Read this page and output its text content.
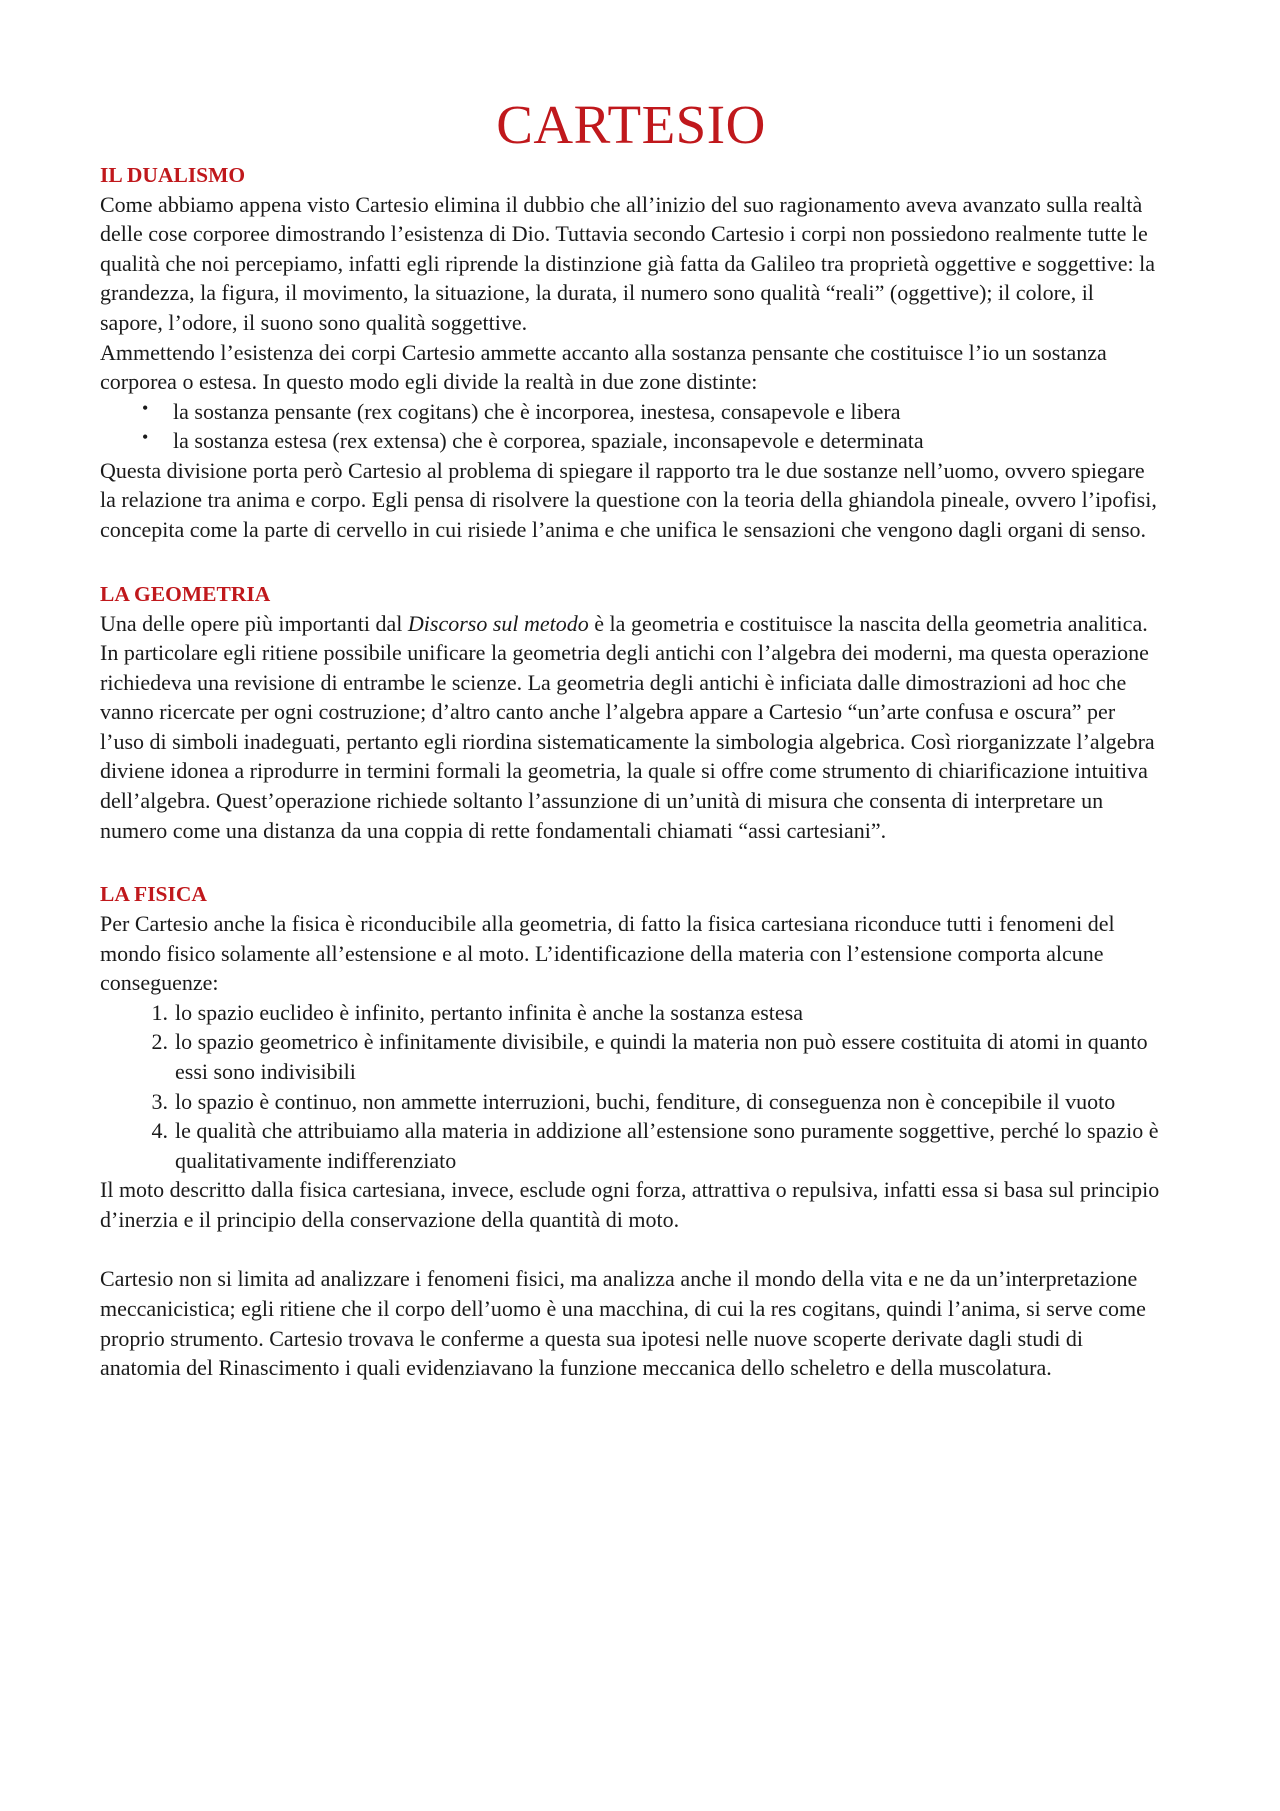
CARTESIO
IL DUALISMO

Come abbiamo appena visto Cartesio elimina il dubbio che all’inizio del suo ragionamento aveva avanzato sulla realtà delle cose corporee dimostrando l’esistenza di Dio. Tuttavia secondo Cartesio i corpi non possiedono realmente tutte le qualità che noi percepiamo, infatti egli riprende la distinzione già fatta da Galileo tra proprietà oggettive e soggettive: la grandezza, la figura, il movimento, la situazione, la durata, il numero sono qualità “reali” (oggettive); il colore, il sapore, l’odore, il suono sono qualità soggettive.

Ammettendo l’esistenza dei corpi Cartesio ammette accanto alla sostanza pensante che costituisce l’io un sostanza corporea o estesa. In questo modo egli divide la realtà in due zone distinte:

• la sostanza pensante (rex cogitans) che è incorporea, inestesa, consapevole e libera
• la sostanza estesa (rex extensa) che è corporea, spaziale, inconsapevole e determinata

Questa divisione porta però Cartesio al problema di spiegare il rapporto tra le due sostanze nell’uomo, ovvero spiegare la relazione tra anima e corpo. Egli pensa di risolvere la questione con la teoria della ghiandola pineale, ovvero l’ipofisi, concepita come la parte di cervello in cui risiede l’anima e che unifica le sensazioni che vengono dagli organi di senso.

LA GEOMETRIA

Una delle opere più importanti dal Discorso sul metodo è la geometria e costituisce la nascita della geometria analitica. In particolare egli ritiene possibile unificare la geometria degli antichi con l’algebra dei moderni, ma questa operazione richiedeva una revisione di entrambe le scienze. La geometria degli antichi è inficiata dalle dimostrazioni ad hoc che vanno ricercate per ogni costruzione; d’altro canto anche l’algebra appare a Cartesio “un’arte confusa e oscura” per l’uso di simboli inadeguati, pertanto egli riordina sistematicamente la simbologia algebrica. Così riorganizzate l’algebra diviene idonea a riprodurre in termini formali la geometria, la quale si offre come strumento di chiarificazione intuitiva dell’algebra. Quest’operazione richiede soltanto l’assunzione di un’unità di misura che consenta di interpretare un numero come una distanza da una coppia di rette fondamentali chiamati “assi cartesiani”.

LA FISICA

Per Cartesio anche la fisica è riconducibile alla geometria, di fatto la fisica cartesiana riconduce tutti i fenomeni del mondo fisico solamente all’estensione e al moto. L’identificazione della materia con l’estensione comporta alcune conseguenze:

lo spazio euclideo è infinito, pertanto infinita è anche la sostanza estesa
lo spazio geometrico è infinitamente divisibile, e quindi la materia non può essere costituita di atomi in quanto essi sono indivisibili
lo spazio è continuo, non ammette interruzioni, buchi, fenditure, di conseguenza non è concepibile il vuoto
le qualità che attribuiamo alla materia in addizione all’estensione sono puramente soggettive, perché lo spazio è qualitativamente indifferenziato

Il moto descritto dalla fisica cartesiana, invece, esclude ogni forza, attrattiva o repulsiva, infatti essa si basa sul principio d’inerzia e il principio della conservazione della quantità di moto.

Cartesio non si limita ad analizzare i fenomeni fisici, ma analizza anche il mondo della vita e ne da un’interpretazione meccanicistica; egli ritiene che il corpo dell’uomo è una macchina, di cui la res cogitans, quindi l’anima, si serve come proprio strumento. Cartesio trovava le conferme a questa sua ipotesi nelle nuove scoperte derivate dagli studi di anatomia del Rinascimento i quali evidenziavano la funzione meccanica dello scheletro e della muscolatura.
